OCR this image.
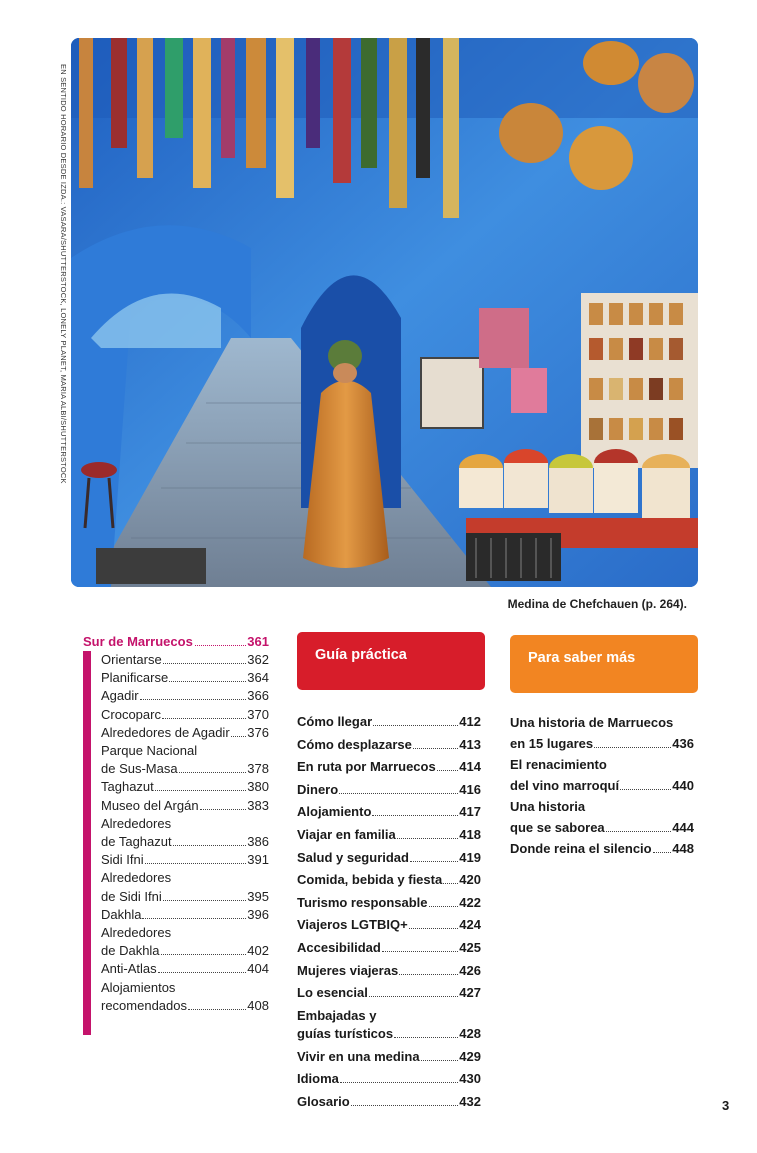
EN SENTIDO HORARIO DESDE IZDA.: VASARA/SHUTTERSTOCK, LONELY PLANET, MARIA ALBI/SHUTTERSTOCK
Medina de Chefchauen (p. 264).
Sur de Marruecos	361
Orientarse	362
Planificarse	364
Agadir	366
Crocoparc	370
Alrededores de Agadir 376
Parque Nacional
de Sus-Masa	378
Taghazut	380
Museo del Argán	383
Alrededores
de Taghazut	386
Sidi Ifni	391
Alrededores
de Sidi Ifni	395
Dakhla	396
Alrededores
de Dakhla	402
Anti-Atlas	404
Alojamientos
recomendados	408
Guía práctica
Cómo llegar	412
Cómo desplazarse	413
En ruta por Marruecos 414
Dinero	416
Alojamiento	417
Viajar en familia	418
Salud y seguridad	419
Comida, bebida y fiesta 420
Turismo responsable 422
Viajeros LGTBIQ+	424
Accesibilidad	425
Mujeres viajeras	426
Lo esencial	427
Embajadas y
guías turísticos	428
Vivir en una medina	429
Idioma	430
Glosario	432
Para saber más
Una historia de Marruecos
en 15 lugares	436
El renacimiento
del vino marroquí	440
Una historia
que se saborea	444
Donde reina el silencio 448
3
